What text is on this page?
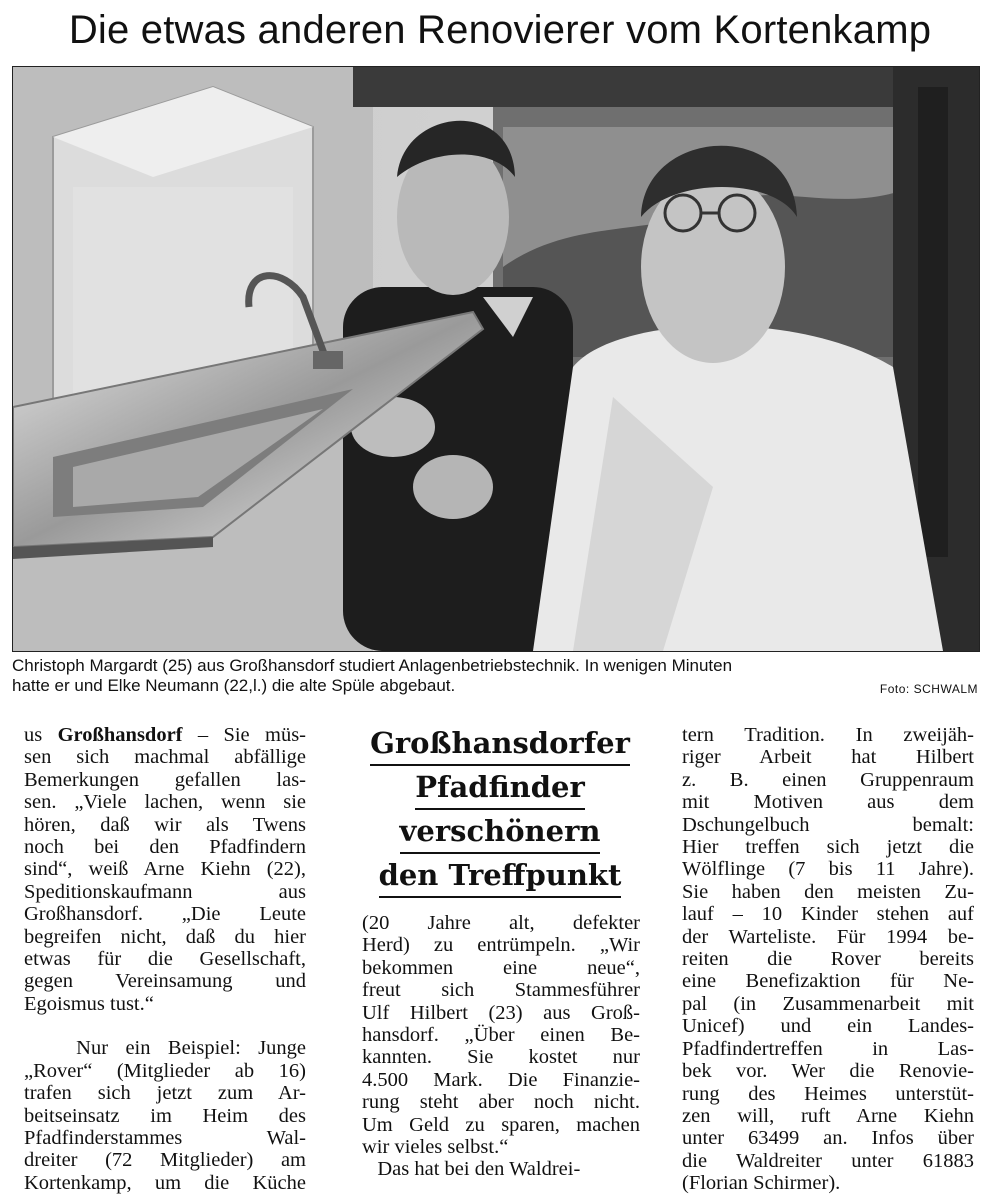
Die etwas anderen Renovierer vom Kortenkamp
Christoph Margardt (25) aus Großhansdorf studiert Anlagenbetriebstechnik. In wenigen Minuten
hatte er und Elke Neumann (22,l.) die alte Spüle abgebaut.	Foto: SCHWALM
us Großhansdorf – Sie müs-
sen sich machmal abfällige
Bemerkungen gefallen las-
sen. „Viele lachen, wenn sie
hören, daß wir als Twens
noch bei den Pfadfindern
sind“, weiß Arne Kiehn (22),
Speditionskaufmann aus
Großhansdorf. „Die Leute
begreifen nicht, daß du hier
etwas für die Gesellschaft,
gegen Vereinsamung und
Egoismus tust.“
Nur ein Beispiel: Junge
„Rover“ (Mitglieder ab 16)
trafen sich jetzt zum Ar-
beitseinsatz im Heim des
Pfadfinderstammes Wal-
dreiter (72 Mitglieder) am
Kortenkamp, um die Küche
Großhansdorfer
Pfadfinder
verschönern
den Treffpunkt
(20 Jahre alt, defekter
Herd) zu entrümpeln. „Wir
bekommen eine neue“,
freut sich Stammesführer
Ulf Hilbert (23) aus Groß-
hansdorf. „Über einen Be-
kannten. Sie kostet nur
4.500 Mark. Die Finanzie-
rung steht aber noch nicht.
Um Geld zu sparen, machen
wir vieles selbst.“
Das hat bei den Waldrei-
tern Tradition. In zweijäh-
riger Arbeit hat Hilbert
z. B. einen Gruppenraum
mit Motiven aus dem
Dschungelbuch bemalt:
Hier treffen sich jetzt die
Wölflinge (7 bis 11 Jahre).
Sie haben den meisten Zu-
lauf – 10 Kinder stehen auf
der Warteliste. Für 1994 be-
reiten die Rover bereits
eine Benefizaktion für Ne-
pal (in Zusammenarbeit mit
Unicef) und ein Landes-
Pfadfindertreffen in Las-
bek vor. Wer die Renovie-
rung des Heimes unterstüt-
zen will, ruft Arne Kiehn
unter 63499 an. Infos über
die Waldreiter unter 61883
(Florian Schirmer).
